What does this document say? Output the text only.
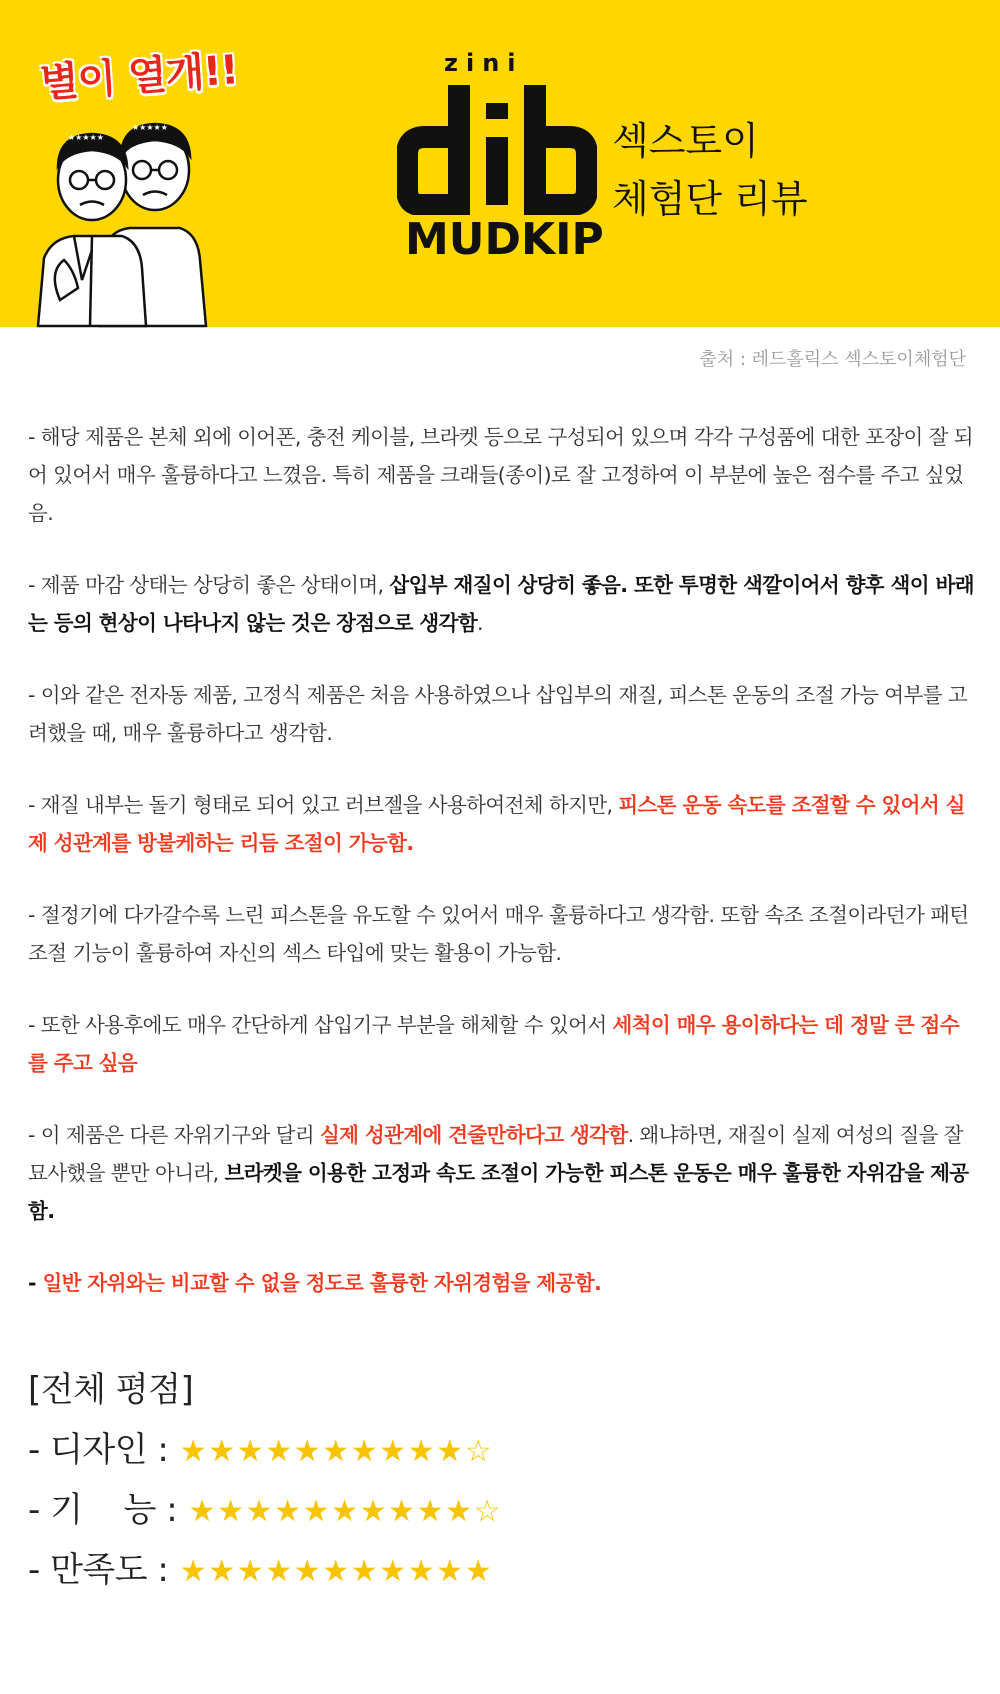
별이 열개!!
★★★★★
★★★★★
zini
MUDKIP
섹스토이
체험단 리뷰
출처 : 레드홀릭스 섹스토이체험단
- 해당 제품은 본체 외에 이어폰, 충전 케이블, 브라켓 등으로 구성되어 있으며 각각 구성품에 대한 포장이 잘 되어 있어서 매우 훌륭하다고 느꼈음. 특히 제품을 크래들(종이)로 잘 고정하여 이 부분에 높은 점수를 주고 싶었음.
- 제품 마감 상태는 상당히 좋은 상태이며, 삽입부 재질이 상당히 좋음. 또한 투명한 색깔이어서 향후 색이 바래는 등의 현상이 나타나지 않는 것은 장점으로 생각함.
- 이와 같은 전자동 제품, 고정식 제품은 처음 사용하였으나 삽입부의 재질, 피스톤 운동의 조절 가능 여부를 고려했을 때, 매우 훌륭하다고 생각함.
- 재질 내부는 돌기 형태로 되어 있고 러브젤을 사용하여전체 하지만, 피스톤 운동 속도를 조절할 수 있어서 실제 성관계를 방불케하는 리듬 조절이 가능함.
- 절정기에 다가갈수록 느린 피스톤을 유도할 수 있어서 매우 훌륭하다고 생각함. 또함 속조 조절이라던가 패턴 조절 기능이 훌륭하여 자신의 섹스 타입에 맞는 활용이 가능함.
- 또한 사용후에도 매우 간단하게 삽입기구 부분을 해체할 수 있어서 세척이 매우 용이하다는 데 정말 큰 점수를 주고 싶음
- 이 제품은 다른 자위기구와 달리 실제 성관계에 견줄만하다고 생각함. 왜냐하면, 재질이 실제 여성의 질을 잘 묘사했을 뿐만 아니라, 브라켓을 이용한 고정과 속도 조절이 가능한 피스톤 운동은 매우 훌륭한 자위감을 제공함.
- 일반 자위와는 비교할 수 없을 정도로 훌륭한 자위경험을 제공함.
[전체 평점]
- 디자인 : ★★★★★★★★★★☆
- 기    능 : ★★★★★★★★★★☆
- 만족도 : ★★★★★★★★★★★
